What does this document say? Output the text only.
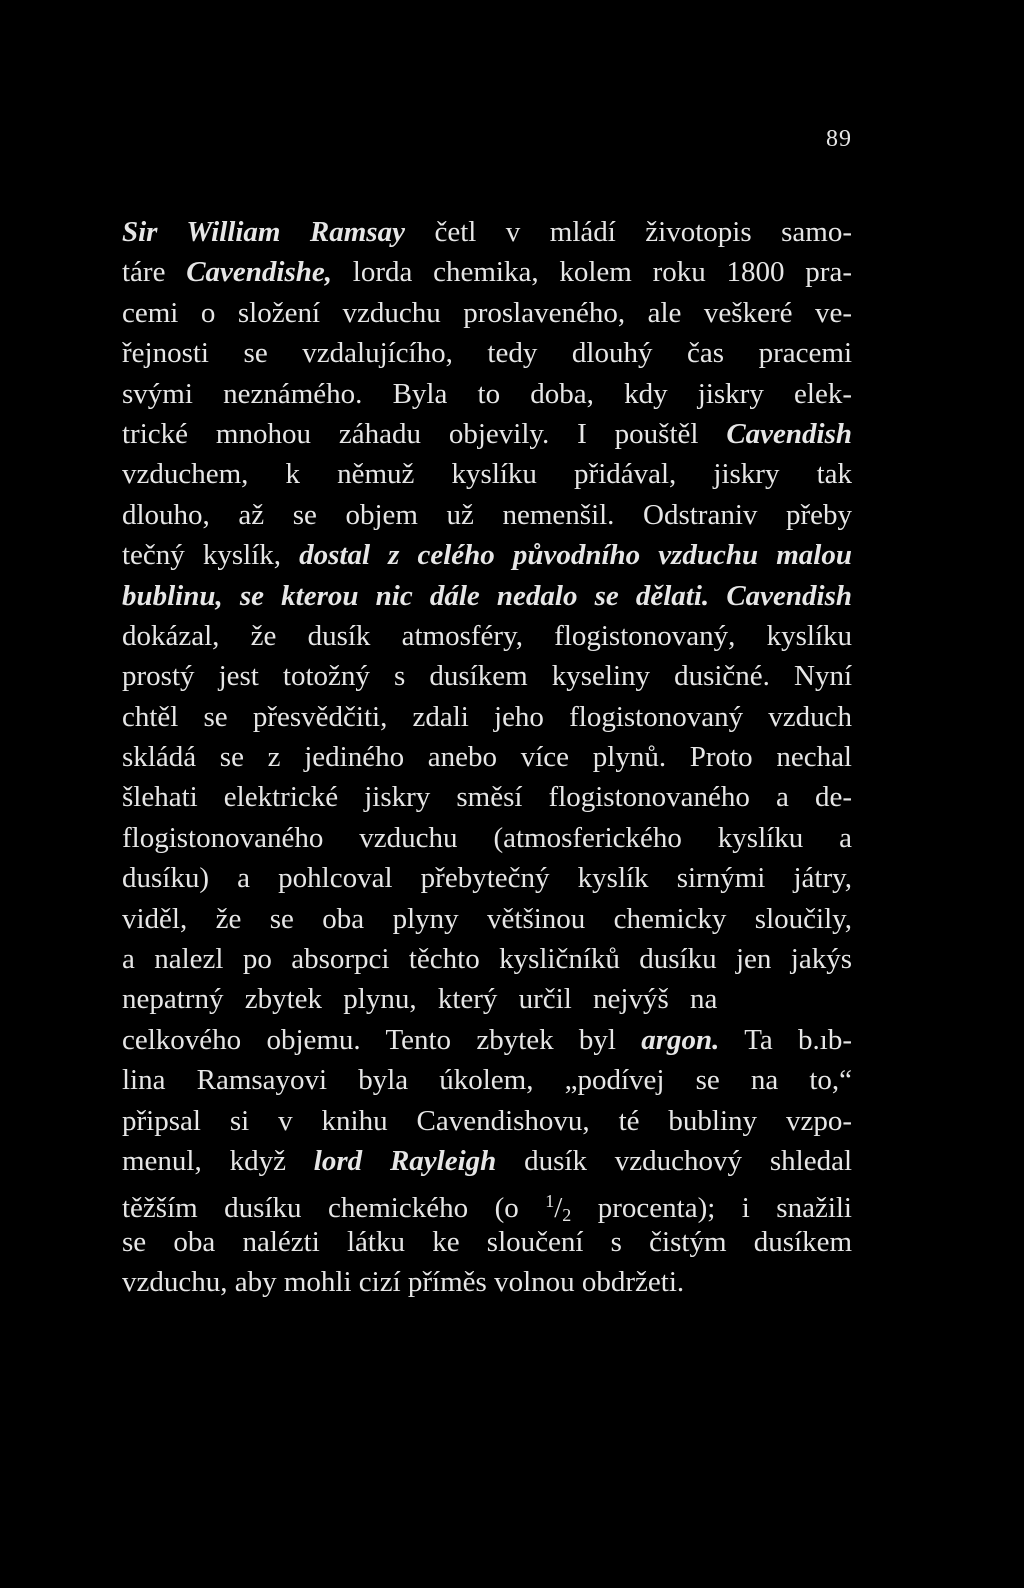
89
Sir William Ramsay četl v mládí životopis samo-
táre Cavendishe, lorda chemika, kolem roku 1800 pra-
cemi o složení vzduchu proslaveného, ale veškeré ve-
řejnosti se vzdalujícího, tedy dlouhý čas pracemi
svými neznámého. Byla to doba, kdy jiskry elek-
trické mnohou záhadu objevily. I pouštěl Cavendish
vzduchem, k němuž kyslíku přidával, jiskry tak
dlouho, až se objem už nemenšil. Odstraniv přeby
tečný kyslík, dostal z celého původního vzduchu malou
bublinu, se kterou nic dále nedalo se dělati. Cavendish
dokázal, že dusík atmosféry, flogistonovaný, kyslíku
prostý jest totožný s dusíkem kyseliny dusičné. Nyní
chtěl se přesvědčiti, zdali jeho flogistonovaný vzduch
skládá se z jediného anebo více plynů. Proto nechal
šlehati elektrické jiskry směsí flogistonovaného a de-
flogistonovaného vzduchu (atmosferického kyslíku a
dusíku) a pohlcoval přebytečný kyslík sirnými játry,
viděl, že se oba plyny většinou chemicky sloučily,
a nalezl po absorpci těchto kysličníků dusíku jen jakýs
nepatrný zbytek plynu, který určil nejvýš na
celkového objemu. Tento zbytek byl argon. Ta b.ıb-
lina Ramsayovi byla úkolem, „podívej se na to,“
připsal si v knihu Cavendishovu, té bubliny vzpo-
menul, když lord Rayleigh dusík vzduchový shledal
těžším dusíku chemického (o $^1/_2$ procenta); i snažili
se oba nalézti látku ke sloučení s čistým dusíkem
vzduchu, aby mohli cizí příměs volnou obdržeti.
